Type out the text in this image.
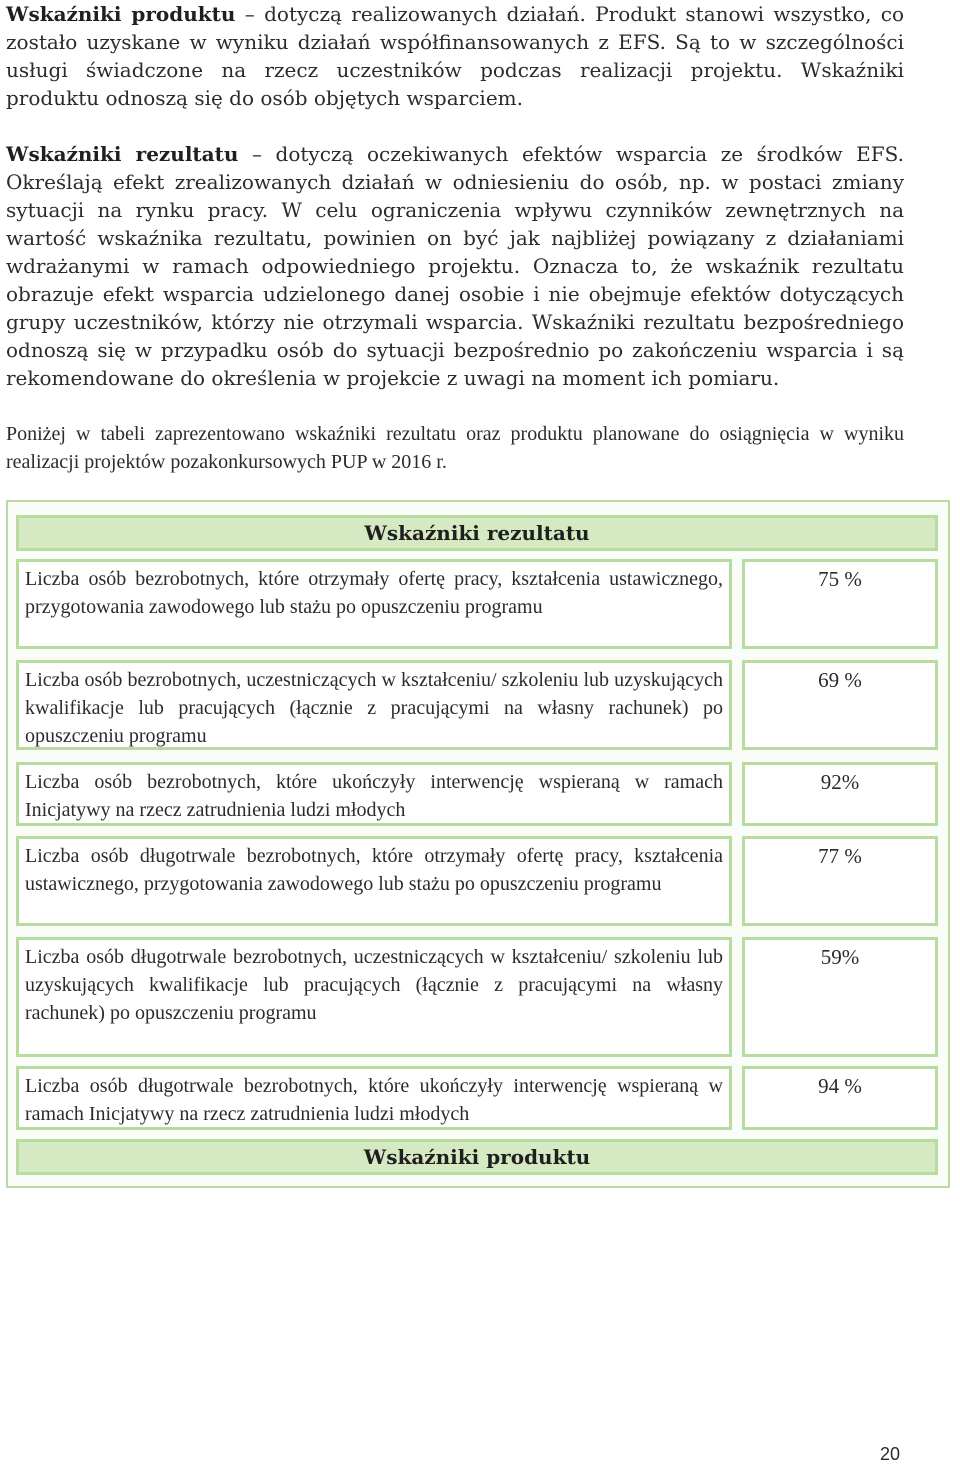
Wskaźniki produktu – dotyczą realizowanych działań. Produkt stanowi wszystko, co zostało uzyskane w wyniku działań współfinansowanych z EFS. Są to w szczególności usługi świadczone na rzecz uczestników podczas realizacji projektu. Wskaźniki produktu odnoszą się do osób objętych wsparciem.

Wskaźniki rezultatu – dotyczą oczekiwanych efektów wsparcia ze środków EFS. Określają efekt zrealizowanych działań w odniesieniu do osób, np. w postaci zmiany sytuacji na rynku pracy. W celu ograniczenia wpływu czynników zewnętrznych na wartość wskaźnika rezultatu, powinien on być jak najbliżej powiązany z działaniami wdrażanymi w ramach odpowiedniego projektu. Oznacza to, że wskaźnik rezultatu obrazuje efekt wsparcia udzielonego danej osobie i nie obejmuje efektów dotyczących grupy uczestników, którzy nie otrzymali wsparcia. Wskaźniki rezultatu bezpośredniego odnoszą się w przypadku osób do sytuacji bezpośrednio po zakończeniu wsparcia i są rekomendowane do określenia w projekcie z uwagi na moment ich pomiaru.

Poniżej w tabeli zaprezentowano wskaźniki rezultatu oraz produktu planowane do osiągnięcia w wyniku realizacji projektów pozakonkursowych PUP w 2016 r.

Wskaźniki rezultatu
Liczba osób bezrobotnych, które otrzymały ofertę pracy, kształcenia ustawicznego, przygotowania zawodowego lub stażu po opuszczeniu programu
75 %
Liczba osób bezrobotnych, uczestniczących w kształceniu/ szkoleniu lub uzyskujących kwalifikacje lub pracujących (łącznie z pracującymi na własny rachunek) po opuszczeniu programu
69 %
Liczba osób bezrobotnych, które ukończyły interwencję wspieraną w ramach Inicjatywy na rzecz zatrudnienia ludzi młodych
92%
Liczba osób długotrwale bezrobotnych, które otrzymały ofertę pracy, kształcenia ustawicznego, przygotowania zawodowego lub stażu po opuszczeniu programu
77 %
Liczba osób długotrwale bezrobotnych, uczestniczących w kształceniu/ szkoleniu lub uzyskujących kwalifikacje lub pracujących (łącznie z pracującymi na własny rachunek) po opuszczeniu programu
59%
Liczba osób długotrwale bezrobotnych, które ukończyły interwencję wspieraną w ramach Inicjatywy na rzecz zatrudnienia ludzi młodych
94 %
Wskaźniki produktu
20
